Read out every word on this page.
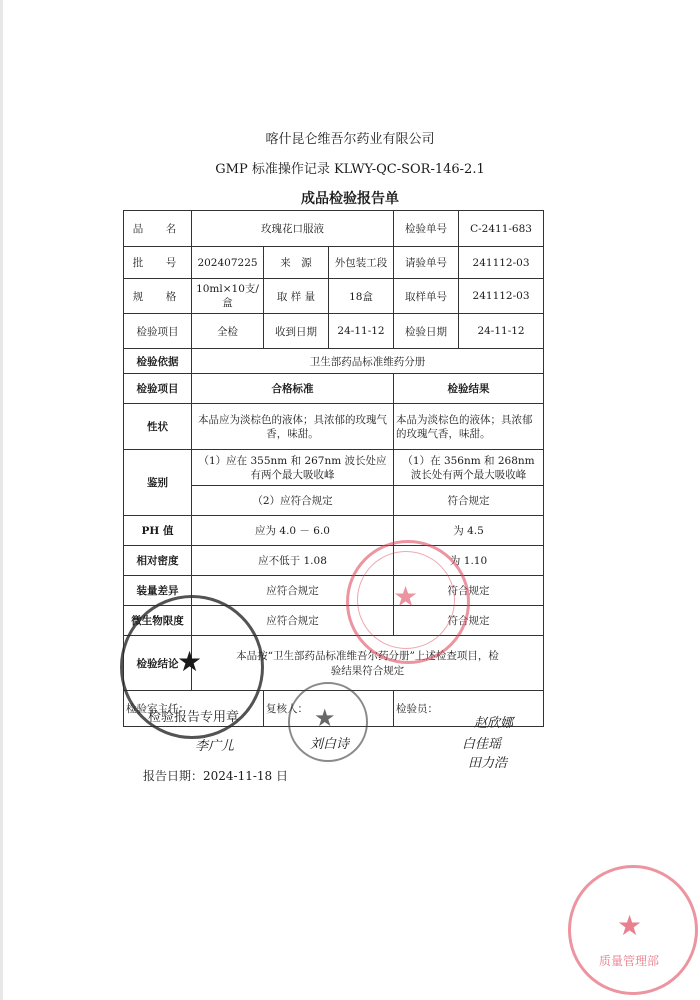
喀什昆仑维吾尔药业有限公司
GMP 标准操作记录 KLWY-QC-SOR-146-2.1
成品检验报告单
品　名	玫瑰花口服液			检验单号	C-2411-683
批　号	202407225	来　源	外包装工段	请验单号	241112-03
规　格	10ml×10支/盒	取 样 量	18盒	取样单号	241112-03
检验项目	全检	收到日期	24-11-12	检验日期	24-11-12
检验依据	卫生部药品标准维药分册				
检验项目	合格标准			检验结果	
性状	本品应为淡棕色的液体；具浓郁的玫瑰气香，味甜。			本品为淡棕色的液体；具浓郁的玫瑰气香，味甜。	
鉴别	（1）应在 355nm 和 267nm 波长处应有两个最大吸收峰			（1）在 356nm 和 268nm 波长处有两个最大吸收峰	
	（2）应符合规定			符合规定	
PH 值	应为 4.0 － 6.0			为 4.5	
相对密度	应不低于 1.08			为 1.10	
装量差异	应符合规定			符合规定	
微生物限度	应符合规定			符合规定	
检验结论	本品按“卫生部药品标准维吾尔药分册”上述检查项目，检验结果符合规定				
检验室主任：		复核人：		检验员：	
报告日期：2024-11-18 日
★
★
检验报告专用章	★
李广儿	刘白诗
赵欣娜
白佳瑶
田力浩
★
质量管理部
